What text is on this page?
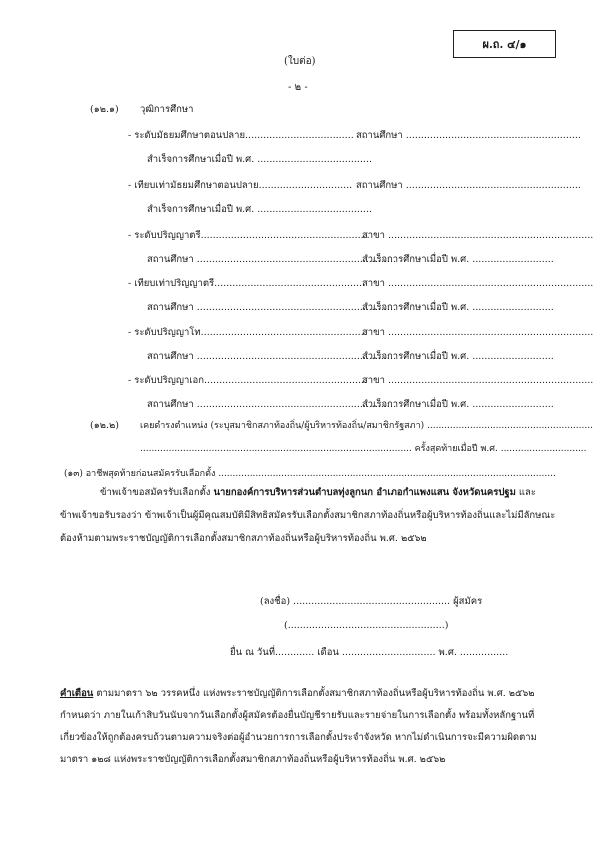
ผ.ถ. ๔/๑
(ใบต่อ)
- ๒ -
(๑๒.๑) วุฒิการศึกษา
- ระดับมัธยมศึกษาตอนปลาย.................................... สถานศึกษา ..........................................................
สำเร็จการศึกษาเมื่อปี พ.ศ. ......................................
- เทียบเท่ามัธยมศึกษาตอนปลาย............................... สถานศึกษา ..........................................................
สำเร็จการศึกษาเมื่อปี พ.ศ. ......................................
- ระดับปริญญาตรี........................................................
สาขา ....................................................................
สถานศึกษา ..................................................................
สำเร็จการศึกษาเมื่อปี พ.ศ. ...........................
- เทียบเท่าปริญญาตรี..................................................
สาขา ....................................................................
สถานศึกษา ..................................................................
สำเร็จการศึกษาเมื่อปี พ.ศ. ...........................
- ระดับปริญญาโท.......................................................
สาขา ....................................................................
สถานศึกษา ..................................................................
สำเร็จการศึกษาเมื่อปี พ.ศ. ...........................
- ระดับปริญญาเอก......................................................
สาขา ....................................................................
สถานศึกษา ..................................................................
สำเร็จการศึกษาเมื่อปี พ.ศ. ...........................
(๑๒.๒) เคยดำรงตำแหน่ง (ระบุสมาชิกสภาท้องถิ่น/ผู้บริหารท้องถิ่น/สมาชิกรัฐสภา) ..........................................................
............................................................................................... ครั้งสุดท้ายเมื่อปี พ.ศ. ..............................
(๑๓) อาชีพสุดท้ายก่อนสมัครรับเลือกตั้ง ......................................................................................................................
ข้าพเจ้าขอสมัครรับเลือกตั้ง นายกองค์การบริหารส่วนตำบลทุ่งลูกนก อำเภอกำแพงแสน จังหวัดนครปฐม และข้าพเจ้าขอรับรองว่า ข้าพเจ้าเป็นผู้มีคุณสมบัติมีสิทธิสมัครรับเลือกตั้งสมาชิกสภาท้องถิ่นหรือผู้บริหารท้องถิ่นและไม่มีลักษณะต้องห้ามตามพระราชบัญญัติการเลือกตั้งสมาชิกสภาท้องถิ่นหรือผู้บริหารท้องถิ่น พ.ศ. ๒๕๖๒
(ลงชื่อ) .................................................... ผู้สมัคร
(....................................................)
ยื่น ณ วันที่............. เดือน ............................... พ.ศ. ................
คำเตือน ตามมาตรา ๖๒ วรรคหนึ่ง แห่งพระราชบัญญัติการเลือกตั้งสมาชิกสภาท้องถิ่นหรือผู้บริหารท้องถิ่น พ.ศ. ๒๕๖๒ กำหนดว่า ภายในเก้าสิบวันนับจากวันเลือกตั้งผู้สมัครต้องยื่นบัญชีรายรับและรายจ่ายในการเลือกตั้ง พร้อมทั้งหลักฐานที่เกี่ยวข้องให้ถูกต้องครบถ้วนตามความจริงต่อผู้อำนวยการการเลือกตั้งประจำจังหวัด หากไม่ดำเนินการจะมีความผิดตามมาตรา ๑๒๘ แห่งพระราชบัญญัติการเลือกตั้งสมาชิกสภาท้องถิ่นหรือผู้บริหารท้องถิ่น พ.ศ. ๒๕๖๒
